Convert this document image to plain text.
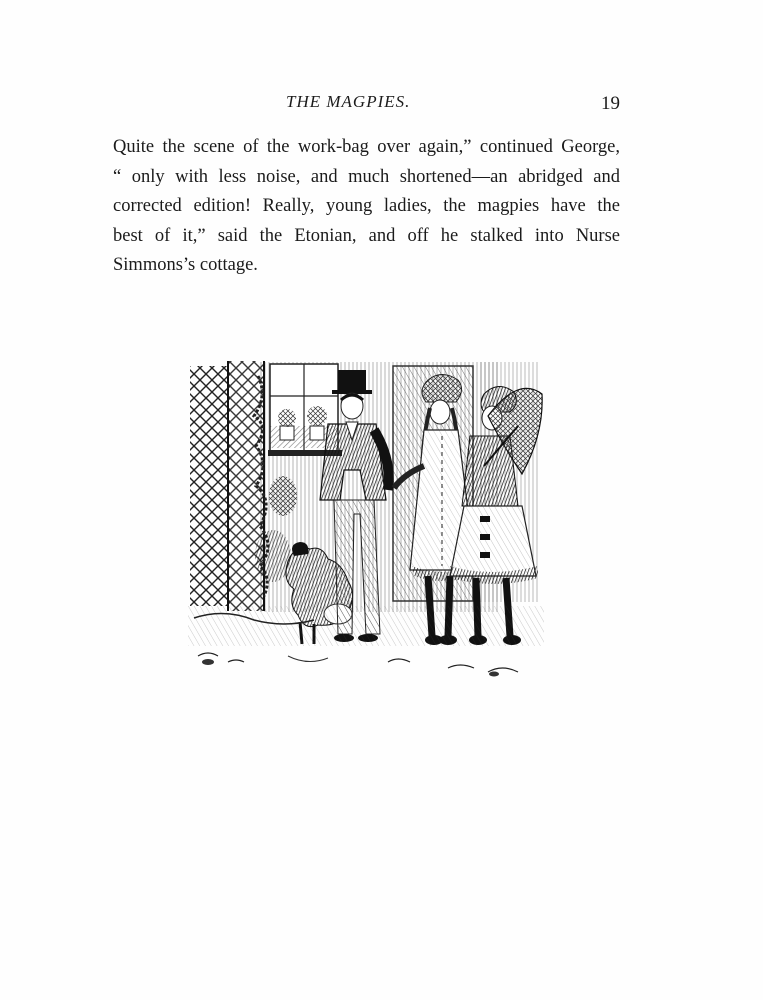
THE MAGPIES.	19
Quite the scene of the work-bag over again,” continued George,
“ only with less noise, and much shortened—an abridged and
corrected edition! Really, young ladies, the magpies have the
best of it,” said the Etonian, and off he stalked into Nurse
Simmons’s cottage.
